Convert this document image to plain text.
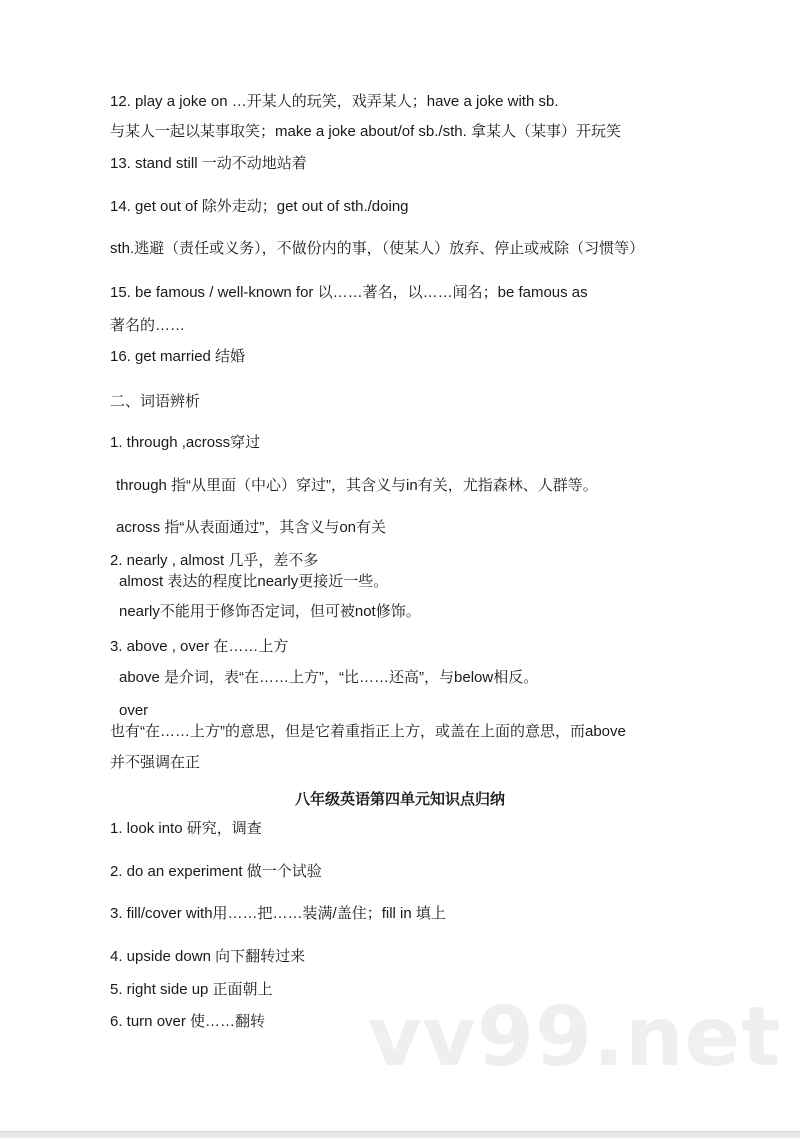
12. play a joke on …开某人的玩笑，戏弄某人；have a joke with sb.
与某人一起以某事取笑；make a joke about/of sb./sth. 拿某人（某事）开玩笑
13. stand still 一动不动地站着
14. get out of 除外走动；get out of sth./doing
sth.逃避（责任或义务），不做份内的事，（使某人）放弃、停止或戒除（习惯等）
15. be famous / well-known for 以……著名，以……闻名；be famous as
著名的……
16. get married 结婚
二、词语辨析
1. through ,across穿过
through 指“从里面（中心）穿过”，其含义与in有关，尤指森林、人群等。
across 指“从表面通过”，其含义与on有关
2. nearly , almost 几乎，差不多
almost 表达的程度比nearly更接近一些。
nearly不能用于修饰否定词，但可被not修饰。
3. above , over 在……上方
above 是介词，表“在……上方”，“比……还高”，与below相反。
over
也有“在……上方”的意思，但是它着重指正上方，或盖在上面的意思，而above
并不强调在正
八年级英语第四单元知识点归纳
1. look into 研究，调查
2. do an experiment 做一个试验
3. fill/cover with用……把……装满/盖住；fill in 填上
4. upside down 向下翻转过来
5. right side up 正面朝上
6. turn over 使……翻转 vv99.net
